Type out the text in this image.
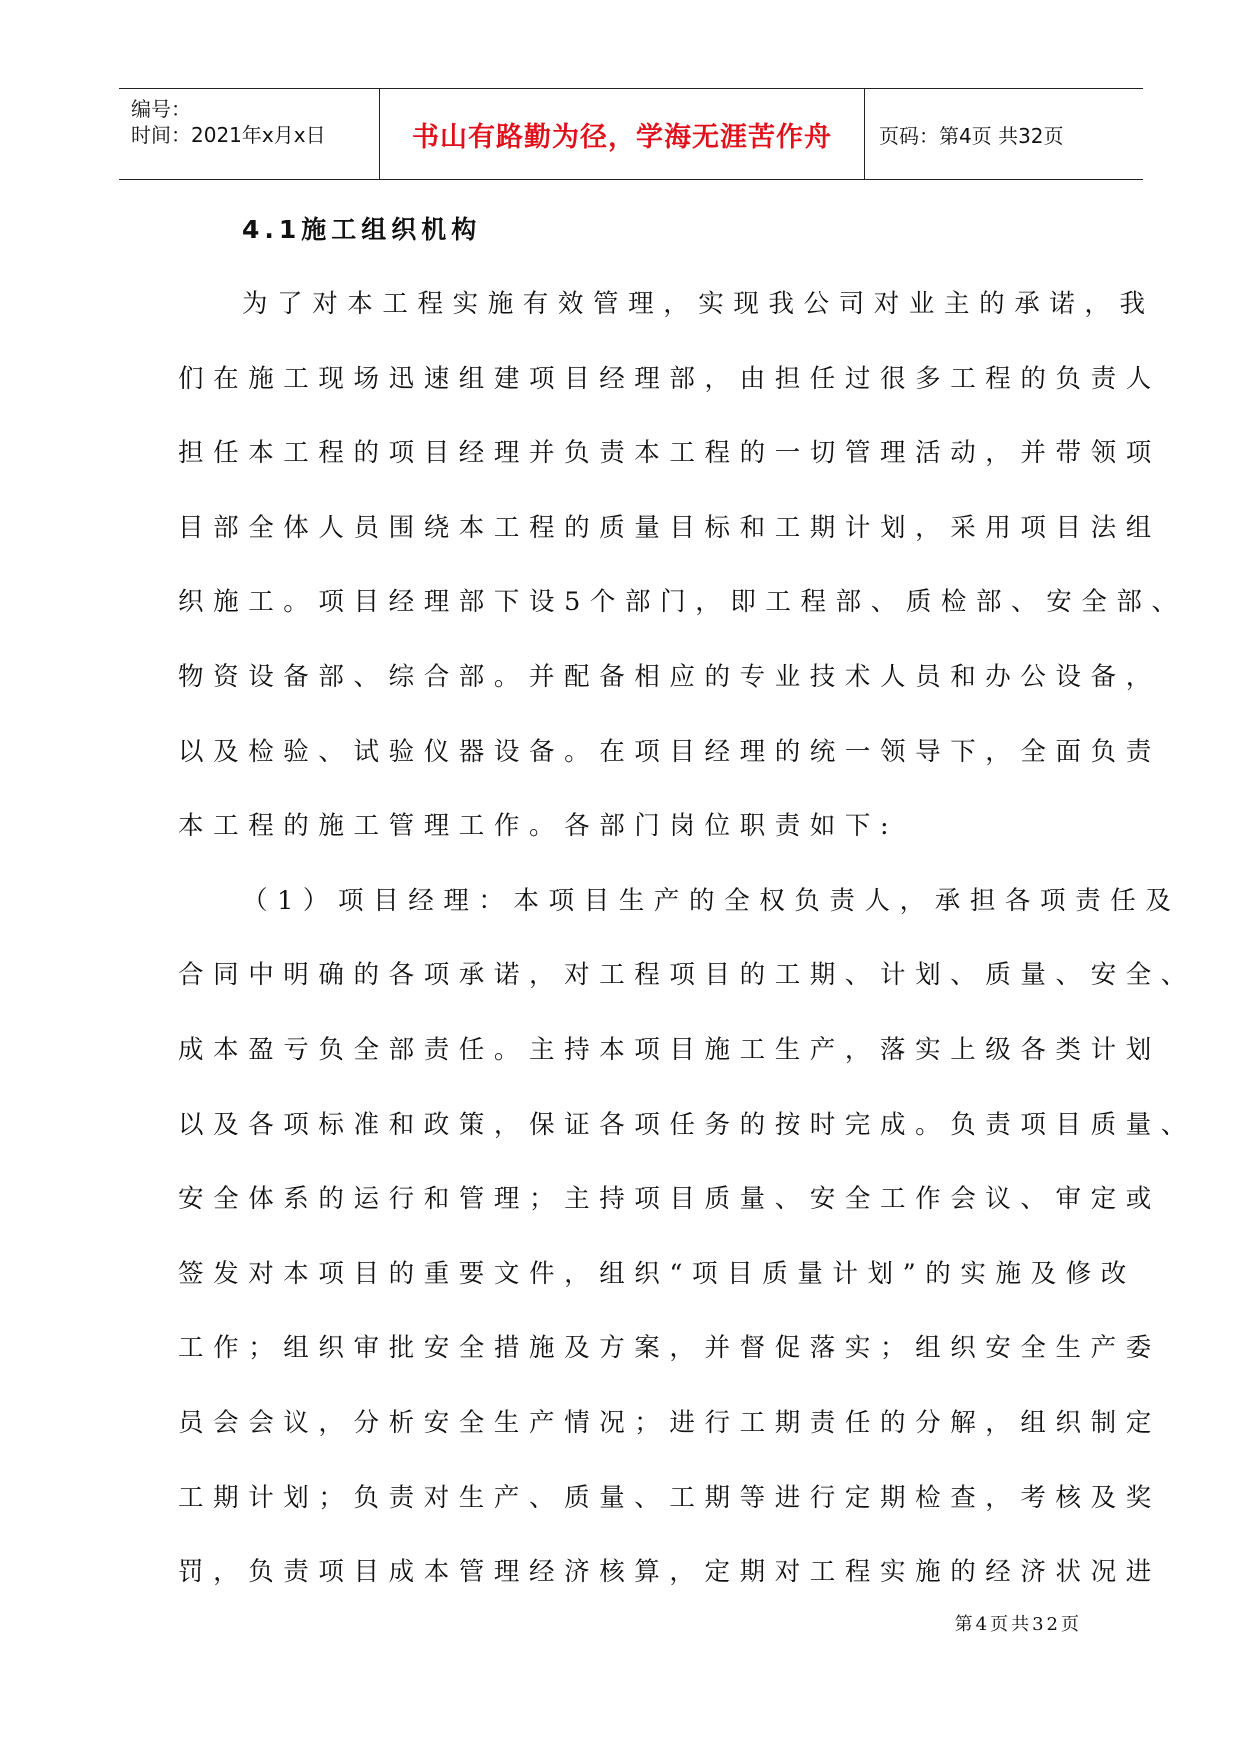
编号：
时间：2021年x月x日	书山有路勤为径，学海无涯苦作舟 页码：第4页 共32页
4.1施工组织机构
为了对本工程实施有效管理，实现我公司对业主的承诺，我
们在施工现场迅速组建项目经理部，由担任过很多工程的负责人
担任本工程的项目经理并负责本工程的一切管理活动，并带领项
目部全体人员围绕本工程的质量目标和工期计划，采用项目法组
织施工。项目经理部下设5个部门，即工程部、质检部、安全部、
物资设备部、综合部。并配备相应的专业技术人员和办公设备，
以及检验、试验仪器设备。在项目经理的统一领导下，全面负责
本工程的施工管理工作。各部门岗位职责如下:
（1）项目经理：本项目生产的全权负责人，承担各项责任及
合同中明确的各项承诺，对工程项目的工期、计划、质量、安全、
成本盈亏负全部责任。主持本项目施工生产，落实上级各类计划
以及各项标准和政策，保证各项任务的按时完成。负责项目质量、
安全体系的运行和管理；主持项目质量、安全工作会议、审定或
签发对本项目的重要文件，组织“项目质量计划”的实施及修改
工作；组织审批安全措施及方案，并督促落实；组织安全生产委
员会会议，分析安全生产情况；进行工期责任的分解，组织制定
工期计划；负责对生产、质量、工期等进行定期检查，考核及奖
罚，负责项目成本管理经济核算，定期对工程实施的经济状况进
第4页共32页
